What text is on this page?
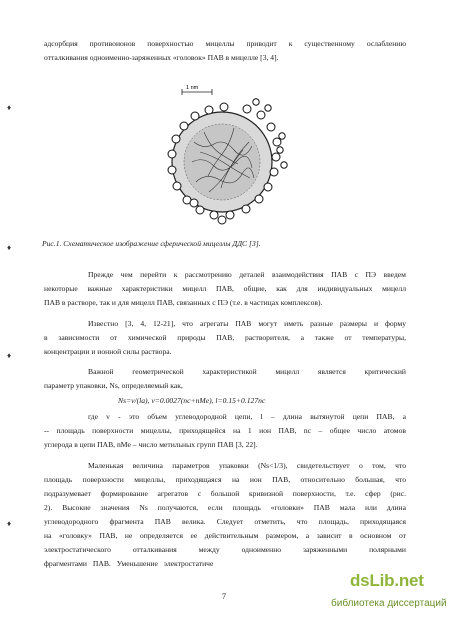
адсорбция противоионов поверхностью мицеллы приводит к существенному ослаблению
отталкивания одноименно-заряженных «головок» ПАВ в мицелле [3, 4].
♦
1 nm
Рис.1. Схематическое изображение сферической мицеллы ДДС [3].
♦
Прежде чем перейти к рассмотрению деталей взаимодействия ПАВ с ПЭ введем
некоторые важные характеристики мицелл ПАВ, общие, как для индивидуальных мицелл
ПАВ в растворе, так и для мицелл ПАВ, связанных с ПЭ (т.е. в частицах комплексов).
Известно [3, 4, 12-21], что агрегаты ПАВ могут иметь разные размеры и форму
в зависимости от химической природы ПАВ, растворителя, а также от температуры,
концентрации и ионной силы раствора.
♦
Важной геометрической характеристикой мицелл является критический
параметр упаковки, Ns, определяемый как,
Ns=v/(la), v=0.0027(nc+nMe), l=0.15+0.127nc
где v - это объем углеводородной цепи, l – длина вытянутой цепи ПАВ, a
-- площадь поверхности мицеллы, приходящейся на 1 ион ПАВ, nc – общее число атомов
углерода в цепи ПАВ, nMe – число метильных групп ПАВ [3, 22].
Маленькая величина параметров упаковки (Ns<1/3), свидетельствует о том, что
площадь поверхности мицеллы, приходящаяся на ион ПАВ, относительно большая, что
подразумевает формирование агрегатов с большой кривизной поверхности, т.е. сфер (рис.
2). Высокие значения Ns получаются, если площадь «головки» ПАВ мала или длина
углеводородного фрагмента ПАВ велика. Следует отметить, что площадь, приходящаяся
на «головку» ПАВ, не определяется ее действительным размером, а зависит в основном от
электростатического отталкивания между одноименно заряженными полярными
фрагментами ПАВ. Уменьшение электростатиче
♦
7
dsLib.net
библиотека диссертаций
